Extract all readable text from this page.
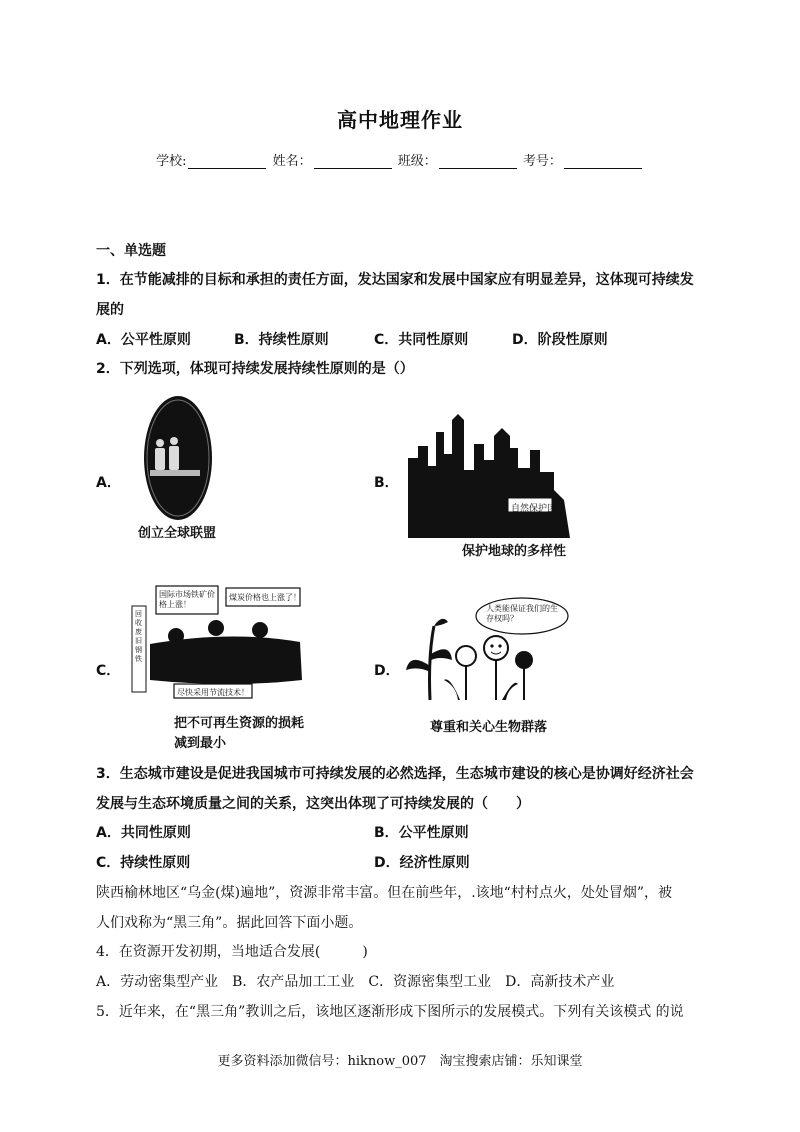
高中地理作业
学校:	姓名：	班级：	考号：
一、单选题
1．在节能减排的目标和承担的责任方面，发达国家和发展中国家应有明显差异，这体现可持续发
展的
A．公平性原则	B．持续性原则	C．共同性原则	D．阶段性原则
2．下列选项，体现可持续发展持续性原则的是（）
A．
创立全球联盟
B．
自然保护区
保护地球的多样性
C．
国际市场铁矿价格上涨！
煤炭价格也上涨了！
回收废旧钢铁
尽快采用节流技术！
把不可再生资源的损耗
减到最小
D．
人类能保证我们的生存权吗？
尊重和关心生物群落
3．生态城市建设是促进我国城市可持续发展的必然选择，生态城市建设的核心是协调好经济社会
发展与生态环境质量之间的关系，这突出体现了可持续发展的（　　）
A．共同性原则	B．公平性原则
C．持续性原则	D．经济性原则
陕西榆林地区“乌金(煤)遍地”，资源非常丰富。但在前些年，.该地“村村点火，处处冒烟”，被
人们戏称为“黑三角”。据此回答下面小题。
4．在资源开发初期，当地适合发展(　　　)
A．劳动密集型产业　B．农产品加工工业　C．资源密集型工业　D．高新技术产业
5．近年来，在“黑三角”教训之后，该地区逐渐形成下图所示的发展模式。下列有关该模式 的说
更多资料添加微信号：hiknow_007　淘宝搜索店铺：乐知课堂
